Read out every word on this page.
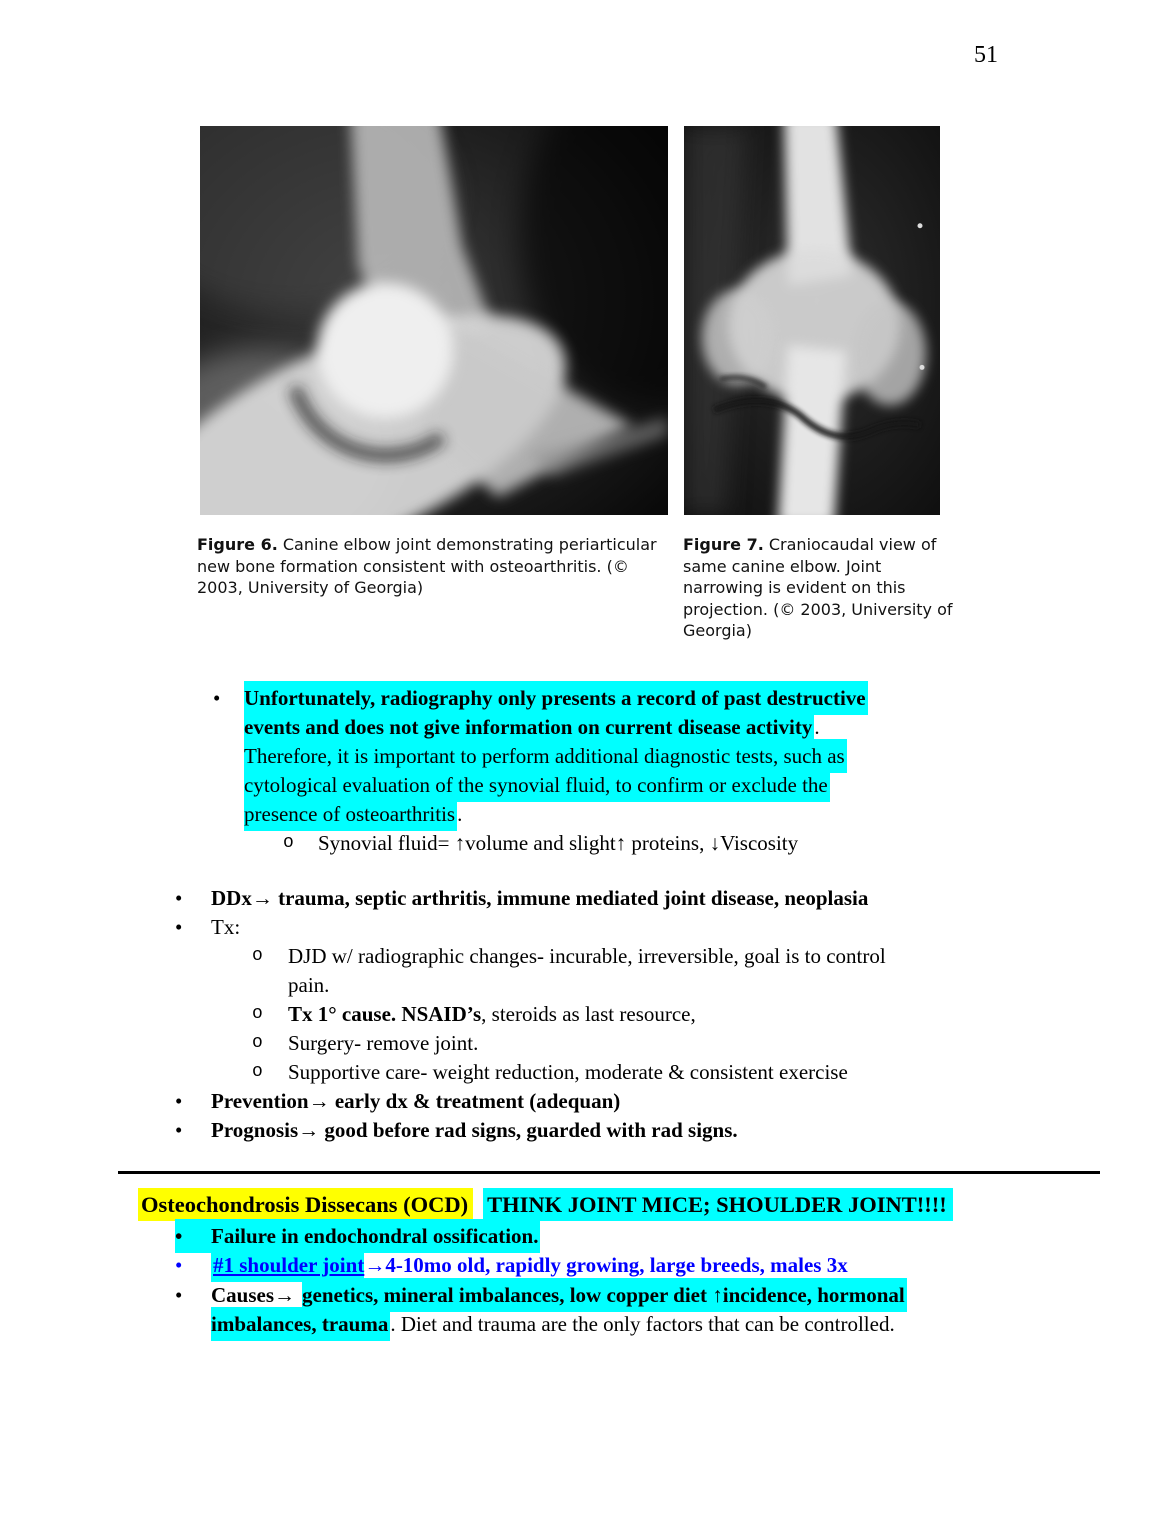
51
Figure 6. Canine elbow joint demonstrating periarticular new bone formation consistent with osteoarthritis. (© 2003, University of Georgia)
Figure 7. Craniocaudal view of same canine elbow. Joint narrowing is evident on this projection. (© 2003, University of Georgia)
• Unfortunately, radiography only presents a record of past destructive
events and does not give information on current disease activity.
Therefore, it is important to perform additional diagnostic tests, such as
cytological evaluation of the synovial fluid, to confirm or exclude the
presence of osteoarthritis.
o Synovial fluid= ↑volume and slight↑ proteins, ↓Viscosity
• DDx→ trauma, septic arthritis, immune mediated joint disease, neoplasia
• Tx:
o DJD w/ radiographic changes- incurable, irreversible, goal is to control
pain.
o Tx 1° cause. NSAID’s, steroids as last resource,
o Surgery- remove joint.
o Supportive care- weight reduction, moderate & consistent exercise
• Prevention→ early dx & treatment (adequan)
• Prognosis→ good before rad signs, guarded with rad signs.
Osteochondrosis Dissecans (OCD) THINK JOINT MICE; SHOULDER JOINT!!!!
• Failure in endochondral ossification.
• #1 shoulder joint→4-10mo old, rapidly growing, large breeds, males 3x
• Causes→ genetics, mineral imbalances, low copper diet ↑incidence, hormonal
imbalances, trauma. Diet and trauma are the only factors that can be controlled.
